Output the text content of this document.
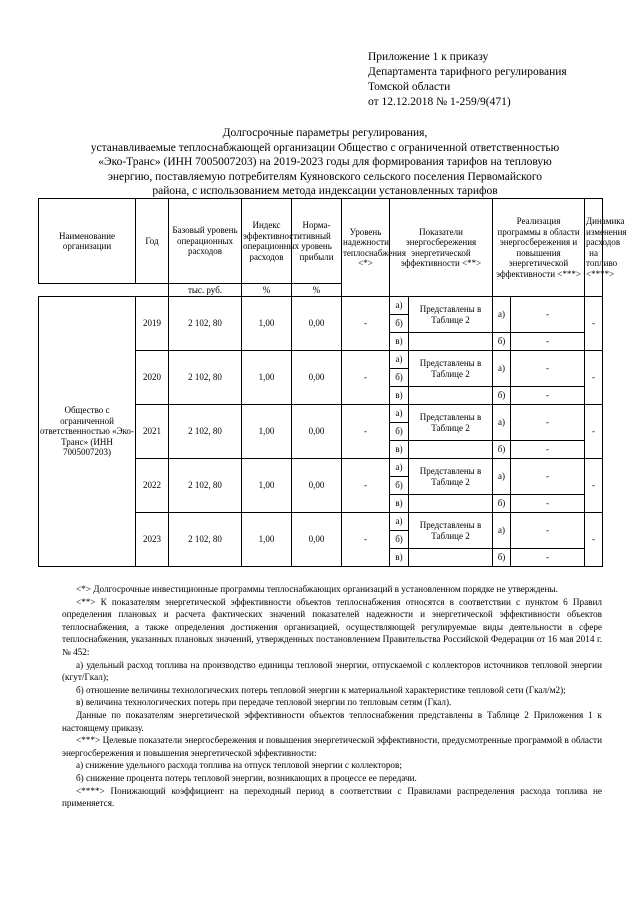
Приложение 1 к приказу
Департамента тарифного регулирования
Томской области
от 12.12.2018 № 1-259/9(471)
Долгосрочные параметры регулирования,
устанавливаемые теплоснабжающей организации Общество с ограниченной ответственностью
«Эко-Транс» (ИНН 7005007203) на 2019-2023 годы для формирования тарифов на тепловую
энергию, поставляемую потребителям Куяновского сельского поселения Первомайского
района, с использованием метода индексации установленных тарифов
Наименование организации	Год	Базовый уровень операционных расходов	Индекс эффективности операционных расходов	Норма-тивный уровень прибыли	Уровень надежности теплоснабжения <*>	Показатели энергосбережения энергетической эффективности <**>		Реализация программы в области энергосбережения и повышения энергетической эффективности <***>		Динамика изменения расходов на топливо <****>
		тыс. руб.	%	%						
Общество с ограниченной ответственностью «Эко-Транс» (ИНН 7005007203)	2019	2 102, 80	1,00	0,00	-	а)	Представлены в Таблице 2	а)	-	-
						б)				
						в)		б)	-	
	2020	2 102, 80	1,00	0,00	-	а)	Представлены в Таблице 2	а)	-	-
						б)				
						в)		б)	-	
	2021	2 102, 80	1,00	0,00	-	а)	Представлены в Таблице 2	а)	-	-
						б)				
						в)		б)	-	
	2022	2 102, 80	1,00	0,00	-	а)	Представлены в Таблице 2	а)	-	-
						б)				
						в)		б)	-	
	2023	2 102, 80	1,00	0,00	-	а)	Представлены в Таблице 2	а)	-	-
						б)				
						в)		б)	-	

<*> Долгосрочные инвестиционные программы теплоснабжающих организаций в установленном порядке не утверждены.

<**> К показателям энергетической эффективности объектов теплоснабжения относятся в соответствии с пунктом 6 Правил определения плановых и расчета фактических значений показателей надежности и энергетической эффективности объектов теплоснабжения, а также определения достижения организацией, осуществляющей регулируемые виды деятельности в сфере теплоснабжения, указанных плановых значений, утвержденных постановлением Правительства Российской Федерации от 16 мая 2014 г. № 452:

а) удельный расход топлива на производство единицы тепловой энергии, отпускаемой с коллекторов источников тепловой энергии (кгут/Гкал);

б) отношение величины технологических потерь тепловой энергии к материальной характеристике тепловой сети (Гкал/м2);

в) величина технологических потерь при передаче тепловой энергии по тепловым сетям (Гкал).

Данные по показателям энергетической эффективности объектов теплоснабжения представлены в Таблице 2 Приложения 1 к настоящему приказу.

<***> Целевые показатели энергосбережения и повышения энергетической эффективности, предусмотренные программой в области энергосбережения и повышения энергетической эффективности:

а) снижение удельного расхода топлива на отпуск тепловой энергии с коллекторов;

б) снижение процента потерь тепловой энергии, возникающих в процессе ее передачи.

<****> Понижающий коэффициент на переходный период в соответствии с Правилами распределения расхода топлива не применяется.
